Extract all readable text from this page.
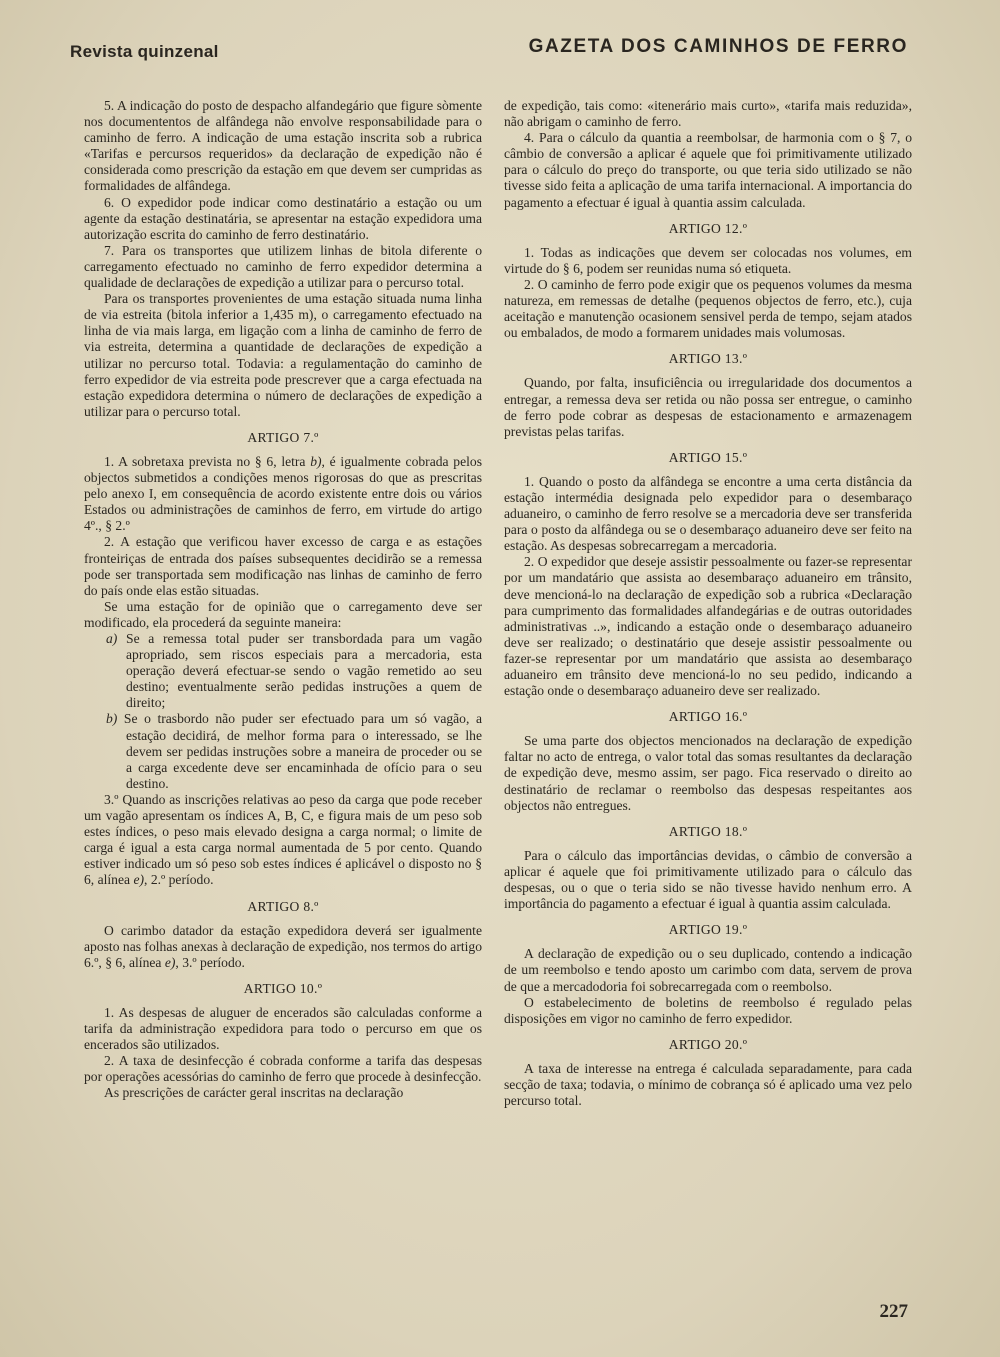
Revista quinzenal	GAZETA DOS CAMINHOS DE FERRO

5. A indicação do posto de despacho alfandegário que figure sòmente nos documententos de alfândega não envolve responsabilidade para o caminho de ferro. A indicação de uma estação inscrita sob a rubrica «Tarifas e percursos requeridos» da declaração de expedição não é considerada como prescrição da estação em que devem ser cumpridas as formalidades de alfândega.

6. O expedidor pode indicar como destinatário a estação ou um agente da estação destinatária, se apresentar na estação expedidora uma autorização escrita do caminho de ferro destinatário.

7. Para os transportes que utilizem linhas de bitola diferente o carregamento efectuado no caminho de ferro expedidor determina a qualidade de declarações de expedição a utilizar para o percurso total.

Para os transportes provenientes de uma estação situada numa linha de via estreita (bitola inferior a 1,435 m), o carregamento efectuado na linha de via mais larga, em ligação com a linha de caminho de ferro de via estreita, determina a quantidade de declarações de expedição a utilizar no percurso total. Todavia: a regulamentação do caminho de ferro expedidor de via estreita pode prescrever que a carga efectuada na estação expedidora determina o número de declarações de expedição a utilizar para o percurso total.

ARTIGO 7.º

1. A sobretaxa prevista no § 6, letra b), é igualmente cobrada pelos objectos submetidos a condições menos rigorosas do que as prescritas pelo anexo I, em consequência de acordo existente entre dois ou vários Estados ou administrações de caminhos de ferro, em virtude do artigo 4º., § 2.º

2. A estação que verificou haver excesso de carga e as estações fronteiriças de entrada dos países subsequentes decidirão se a remessa pode ser transportada sem modificação nas linhas de caminho de ferro do país onde elas estão situadas.

Se uma estação for de opinião que o carregamento deve ser modificado, ela procederá da seguinte maneira:

a) Se a remessa total puder ser transbordada para um vagão apropriado, sem riscos especiais para a mercadoria, esta operação deverá efectuar-se sendo o vagão remetido ao seu destino; eventualmente serão pedidas instruções a quem de direito;

b) Se o trasbordo não puder ser efectuado para um só vagão, a estação decidirá, de melhor forma para o interessado, se lhe devem ser pedidas instruções sobre a maneira de proceder ou se a carga excedente deve ser encaminhada de ofício para o seu destino.

3.º Quando as inscrições relativas ao peso da carga que pode receber um vagão apresentam os índices A, B, C, e figura mais de um peso sob estes índices, o peso mais elevado designa a carga normal; o limite de carga é igual a esta carga normal aumentada de 5 por cento. Quando estiver indicado um só peso sob estes índices é aplicável o disposto no § 6, alínea e), 2.º período.

ARTIGO 8.º

O carimbo datador da estação expedidora deverá ser igualmente aposto nas folhas anexas à declaração de expedição, nos termos do artigo 6.º, § 6, alínea e), 3.º período.

ARTIGO 10.º

1. As despesas de aluguer de encerados são calculadas conforme a tarifa da administração expedidora para todo o percurso em que os encerados são utilizados.

2. A taxa de desinfecção é cobrada conforme a tarifa das despesas por operações acessórias do caminho de ferro que procede à desinfecção.

As prescrições de carácter geral inscritas na declaração

de expedição, tais como: «itenerário mais curto», «tarifa mais reduzida», não abrigam o caminho de ferro.

4. Para o cálculo da quantia a reembolsar, de harmonia com o § 7, o câmbio de conversão a aplicar é aquele que foi primitivamente utilizado para o cálculo do preço do transporte, ou que teria sido utilizado se não tivesse sido feita a aplicação de uma tarifa internacional. A importancia do pagamento a efectuar é igual à quantia assim calculada.

ARTIGO 12.º

1. Todas as indicações que devem ser colocadas nos volumes, em virtude do § 6, podem ser reunidas numa só etiqueta.

2. O caminho de ferro pode exigir que os pequenos volumes da mesma natureza, em remessas de detalhe (pequenos objectos de ferro, etc.), cuja aceitação e manutenção ocasionem sensivel perda de tempo, sejam atados ou embalados, de modo a formarem unidades mais volumosas.

ARTIGO 13.º

Quando, por falta, insuficiência ou irregularidade dos documentos a entregar, a remessa deva ser retida ou não possa ser entregue, o caminho de ferro pode cobrar as despesas de estacionamento e armazenagem previstas pelas tarifas.

ARTIGO 15.º

1. Quando o posto da alfândega se encontre a uma certa distância da estação intermédia designada pelo expedidor para o desembaraço aduaneiro, o caminho de ferro resolve se a mercadoria deve ser transferida para o posto da alfândega ou se o desembaraço aduaneiro deve ser feito na estação. As despesas sobrecarregam a mercadoria.

2. O expedidor que deseje assistir pessoalmente ou fazer-se representar por um mandatário que assista ao desembaraço aduaneiro em trânsito, deve mencioná-lo na declaração de expedição sob a rubrica «Declaração para cumprimento das formalidades alfandegárias e de outras outoridades administrativas ..», indicando a estação onde o desembaraço aduaneiro deve ser realizado; o destinatário que deseje assistir pessoalmente ou fazer-se representar por um mandatário que assista ao desembaraço aduaneiro em trânsito deve mencioná-lo no seu pedido, indicando a estação onde o desembaraço aduaneiro deve ser realizado.

ARTIGO 16.º

Se uma parte dos objectos mencionados na declaração de expedição faltar no acto de entrega, o valor total das somas resultantes da declaração de expedição deve, mesmo assim, ser pago. Fica reservado o direito ao destinatário de reclamar o reembolso das despesas respeitantes aos objectos não entregues.

ARTIGO 18.º

Para o cálculo das importâncias devidas, o câmbio de conversão a aplicar é aquele que foi primitivamente utilizado para o cálculo das despesas, ou o que o teria sido se não tivesse havido nenhum erro. A importância do pagamento a efectuar é igual à quantia assim calculada.

ARTIGO 19.º

A declaração de expedição ou o seu duplicado, contendo a indicação de um reembolso e tendo aposto um carimbo com data, servem de prova de que a mercadodoria foi sobrecarregada com o reembolso.

O estabelecimento de boletins de reembolso é regulado pelas disposições em vigor no caminho de ferro expedidor.

ARTIGO 20.º

A taxa de interesse na entrega é calculada separadamente, para cada secção de taxa; todavia, o mínimo de cobrança só é aplicado uma vez pelo percurso total.

227
